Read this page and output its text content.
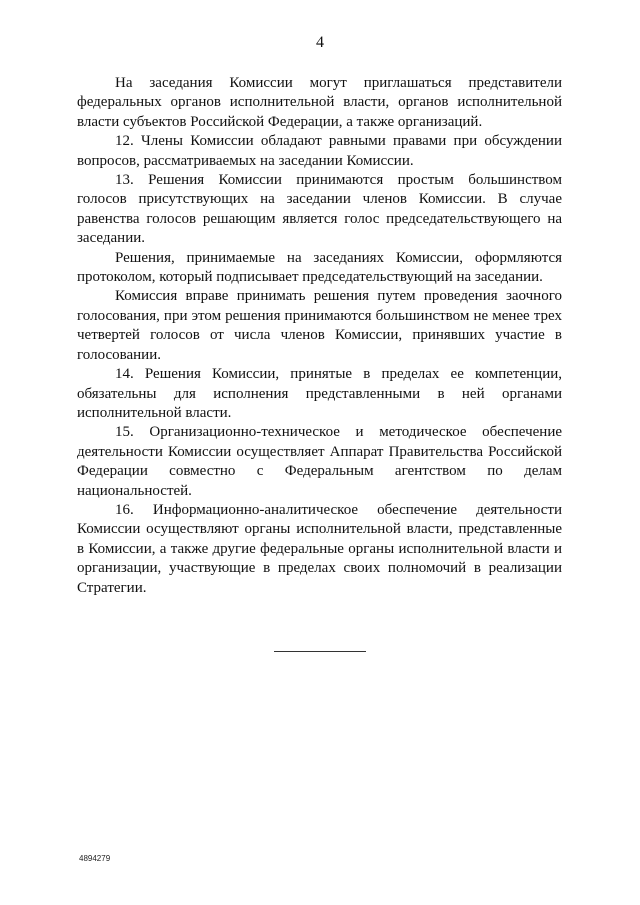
4

На заседания Комиссии могут приглашаться представители федеральных органов исполнительной власти, органов исполнительной власти субъектов Российской Федерации, а также организаций.

12. Члены Комиссии обладают равными правами при обсуждении вопросов, рассматриваемых на заседании Комиссии.

13. Решения Комиссии принимаются простым большинством голосов присутствующих на заседании членов Комиссии. В случае равенства голосов решающим является голос председательствующего на заседании.

Решения, принимаемые на заседаниях Комиссии, оформляются протоколом, который подписывает председательствующий на заседании.

Комиссия вправе принимать решения путем проведения заочного голосования, при этом решения принимаются большинством не менее трех четвертей голосов от числа членов Комиссии, принявших участие в голосовании.

14. Решения Комиссии, принятые в пределах ее компетенции, обязательны для исполнения представленными в ней органами исполнительной власти.

15. Организационно-техническое и методическое обеспечение деятельности Комиссии осуществляет Аппарат Правительства Российской Федерации совместно с Федеральным агентством по делам национальностей.

16. Информационно-аналитическое обеспечение деятельности Комиссии осуществляют органы исполнительной власти, представленные в Комиссии, а также другие федеральные органы исполнительной власти и организации, участвующие в пределах своих полномочий в реализации Стратегии.

4894279
